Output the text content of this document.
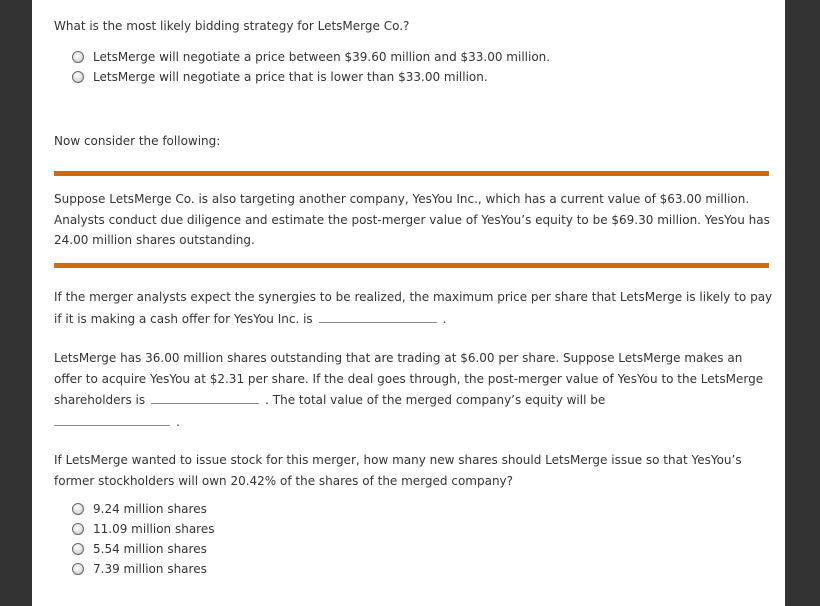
What is the most likely bidding strategy for LetsMerge Co.?
LetsMerge will negotiate a price between $39.60 million and $33.00 million.
LetsMerge will negotiate a price that is lower than $33.00 million.
Now consider the following:
Suppose LetsMerge Co. is also targeting another company, YesYou Inc., which has a current value of $63.00 million. Analysts conduct due diligence and estimate the post-merger value of YesYou’s equity to be $69.30 million. YesYou has 24.00 million shares outstanding.
If the merger analysts expect the synergies to be realized, the maximum price per share that LetsMerge is likely to pay if it is making a cash offer for YesYou Inc. is	.
LetsMerge has 36.00 million shares outstanding that are trading at $6.00 per share. Suppose LetsMerge makes an offer to acquire YesYou at $2.31 per share. If the deal goes through, the post-merger value of YesYou to the LetsMerge shareholders is	. The total value of the merged company’s equity will be
.
If LetsMerge wanted to issue stock for this merger, how many new shares should LetsMerge issue so that YesYou’s former stockholders will own 20.42% of the shares of the merged company?
9.24 million shares
11.09 million shares
5.54 million shares
7.39 million shares
